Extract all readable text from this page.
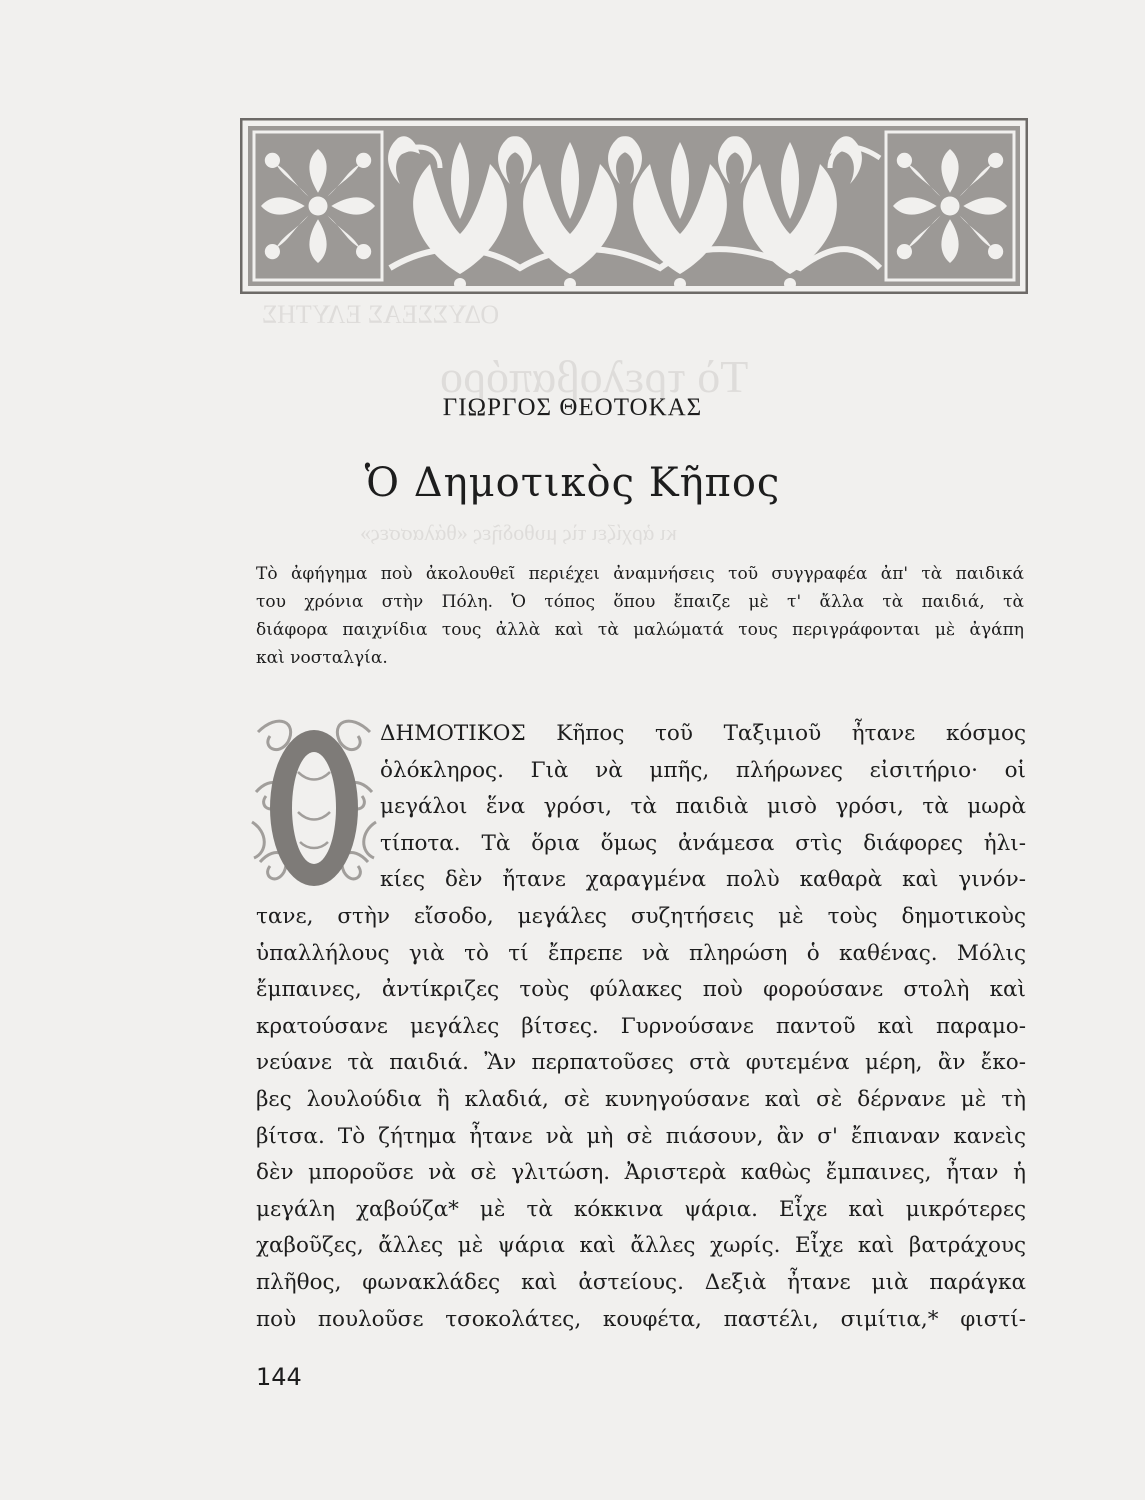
ΟΔΥΣΣΕΑΣ ΕΛΥΤΗΣ
Τὸ τρελοβαπόρο
κι ἀρχίζει τὶς μυθοδῆες «θάλασσες»
ΓΙΩΡΓΟΣ ΘΕΟΤΟΚΑΣ
Ὁ Δημοτικὸς Κῆπος
Τὸ ἀφήγημα ποὺ ἀκολουθεῖ περιέχει ἀναμνήσεις τοῦ συγγραφέα ἀπ' τὰ παιδικά
του χρόνια στὴν Πόλη. Ὁ τόπος ὅπου ἔπαιζε μὲ τ' ἄλλα τὰ παιδιά, τὰ
διάφορα παιχνίδια τους ἀλλὰ καὶ τὰ μαλώματά τους περιγράφονται μὲ ἀγάπη
καὶ νοσταλγία.
ΔΗΜΟΤΙΚΟΣ Κῆπος τοῦ Ταξιμιοῦ ἦτανε κόσμος
ὁλόκληρος. Γιὰ νὰ μπῆς, πλήρωνες εἰσιτήριο· οἱ
μεγάλοι ἕνα γρόσι, τὰ παιδιὰ μισὸ γρόσι, τὰ μωρὰ
τίποτα. Τὰ ὅρια ὅμως ἀνάμεσα στὶς διάφορες ἡλι-
κίες δὲν ἤτανε χαραγμένα πολὺ καθαρὰ καὶ γινόν-
τανε, στὴν εἴσοδο, μεγάλες συζητήσεις μὲ τοὺς δημοτικοὺς
ὑπαλλήλους γιὰ τὸ τί ἔπρεπε νὰ πληρώση ὁ καθένας. Μόλις
ἔμπαινες, ἀντίκριζες τοὺς φύλακες ποὺ φορούσανε στολὴ καὶ
κρατούσανε μεγάλες βίτσες. Γυρνούσανε παντοῦ καὶ παραμο-
νεύανε τὰ παιδιά. Ἂν περπατοῦσες στὰ φυτεμένα μέρη, ἂν ἔκο-
βες λουλούδια ἢ κλαδιά, σὲ κυνηγούσανε καὶ σὲ δέρνανε μὲ τὴ
βίτσα. Τὸ ζήτημα ἦτανε νὰ μὴ σὲ πιάσουν, ἂν σ' ἔπιαναν κανεὶς
δὲν μποροῦσε νὰ σὲ γλιτώση. Ἀριστερὰ καθὼς ἔμπαινες, ἦταν ἡ
μεγάλη χαβούζα* μὲ τὰ κόκκινα ψάρια. Εἶχε καὶ μικρότερες
χαβοῦζες, ἄλλες μὲ ψάρια καὶ ἄλλες χωρίς. Εἶχε καὶ βατράχους
πλῆθος, φωνακλάδες καὶ ἀστείους. Δεξιὰ ἦτανε μιὰ παράγκα
ποὺ πουλοῦσε τσοκολάτες, κουφέτα, παστέλι, σιμίτια,* φιστί-
144
